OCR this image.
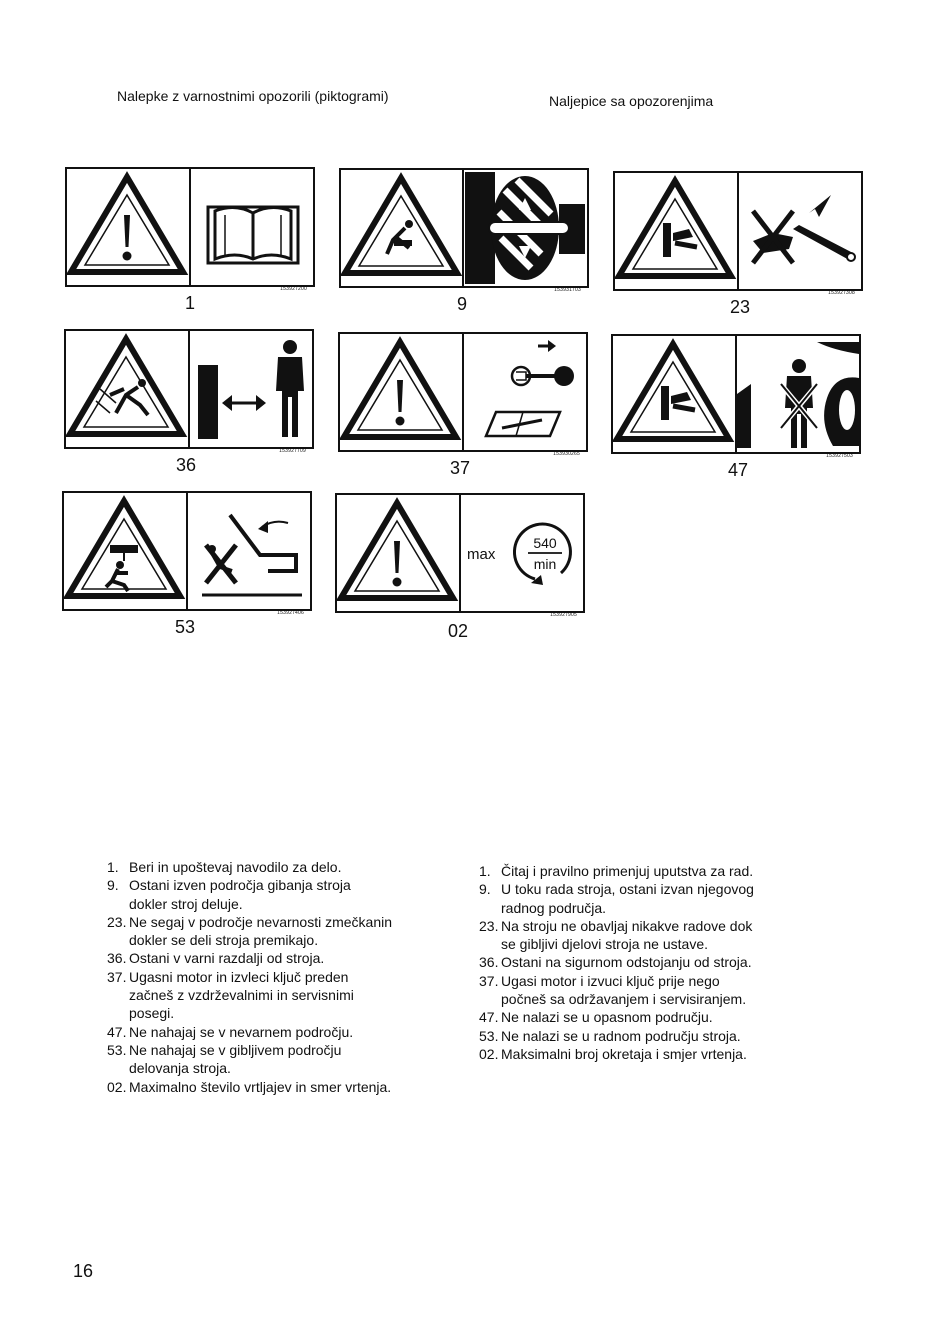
Nalepke z varnostnimi opozorili (piktogrami)	Naljepice sa opozorenjima
1
153927200
9
153931703
23
153927308
36
153927709
37
153930265
47
153927503
53
153927406
max
540
min
02
153927905
1. Beri in upoštevaj navodilo za delo.
9. Ostani izven področja gibanja stroja
dokler stroj deluje.
23. Ne segaj v področje nevarnosti zmečkanin
dokler se deli stroja premikajo.
36. Ostani v varni razdalji od stroja.
37. Ugasni motor in izvleci ključ preden
začneš z vzdrževalnimi in servisnimi
posegi.
47. Ne nahajaj se v nevarnem področju.
53. Ne nahajaj se v gibljivem področju
delovanja stroja.
02. Maximalno število vrtljajev in smer vrtenja.
1. Čitaj i pravilno primenjuj uputstva za rad.
9. U toku rada stroja, ostani izvan njegovog
radnog područja.
23. Na stroju ne obavljaj nikakve radove dok
se gibljivi djelovi stroja ne ustave.
36. Ostani na sigurnom odstojanju od stroja.
37. Ugasi motor i izvuci ključ prije nego
počneš sa održavanjem i servisiranjem.
47. Ne nalazi se u opasnom području.
53. Ne nalazi se u radnom području stroja.
02. Maksimalni broj okretaja i smjer vrtenja.
16
